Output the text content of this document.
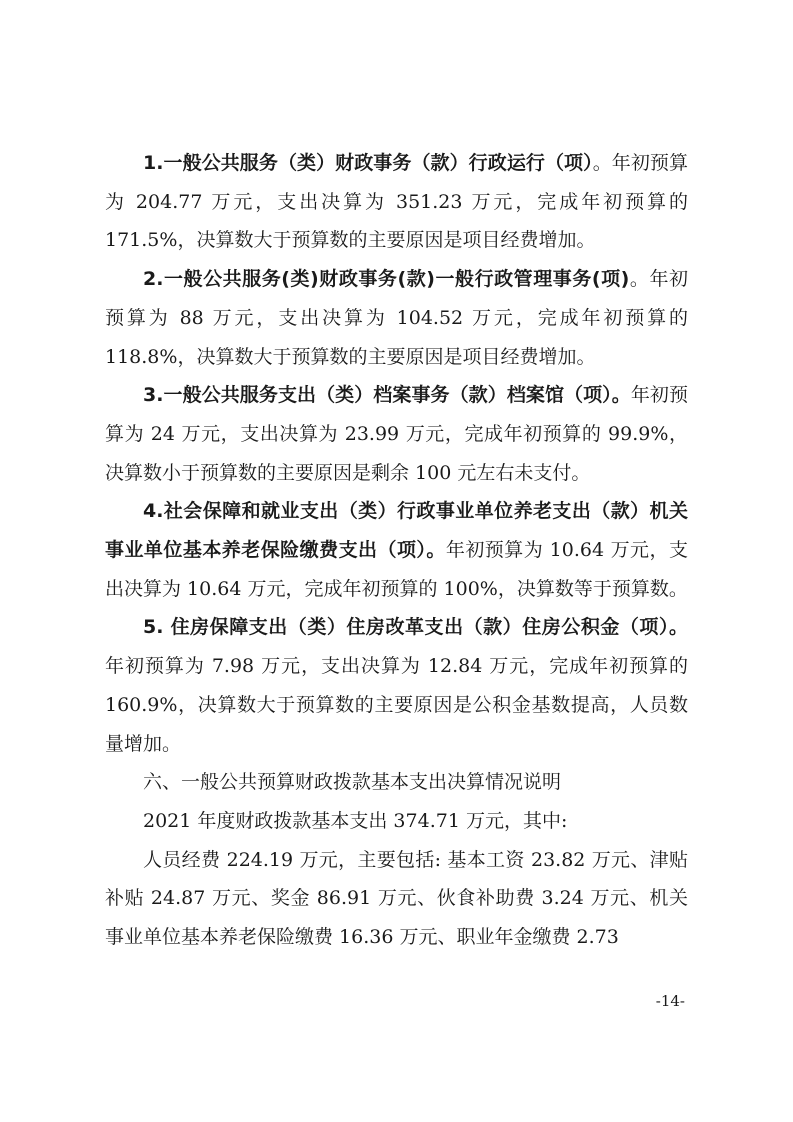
1.一般公共服务（类）财政事务（款）行政运行（项）。年初预算为 204.77 万元，支出决算为 351.23 万元，完成年初预算的 171.5%，决算数大于预算数的主要原因是项目经费增加。

2.一般公共服务(类)财政事务(款)一般行政管理事务(项)。年初预算为 88 万元，支出决算为 104.52 万元，完成年初预算的 118.8%，决算数大于预算数的主要原因是项目经费增加。

3.一般公共服务支出（类）档案事务（款）档案馆（项）。年初预算为 24 万元，支出决算为 23.99 万元，完成年初预算的 99.9%，决算数小于预算数的主要原因是剩余 100 元左右未支付。

4.社会保障和就业支出（类）行政事业单位养老支出（款）机关事业单位基本养老保险缴费支出（项）。年初预算为 10.64 万元，支出决算为 10.64 万元，完成年初预算的 100%，决算数等于预算数。

5. 住房保障支出（类）住房改革支出（款）住房公积金（项）。年初预算为 7.98 万元，支出决算为 12.84 万元，完成年初预算的 160.9%，决算数大于预算数的主要原因是公积金基数提高，人员数量增加。

六、一般公共预算财政拨款基本支出决算情况说明

2021 年度财政拨款基本支出 374.71 万元，其中:

人员经费 224.19 万元，主要包括: 基本工资 23.82 万元、津贴补贴 24.87 万元、奖金 86.91 万元、伙食补助费 3.24 万元、机关事业单位基本养老保险缴费 16.36 万元、职业年金缴费 2.73

-14-
